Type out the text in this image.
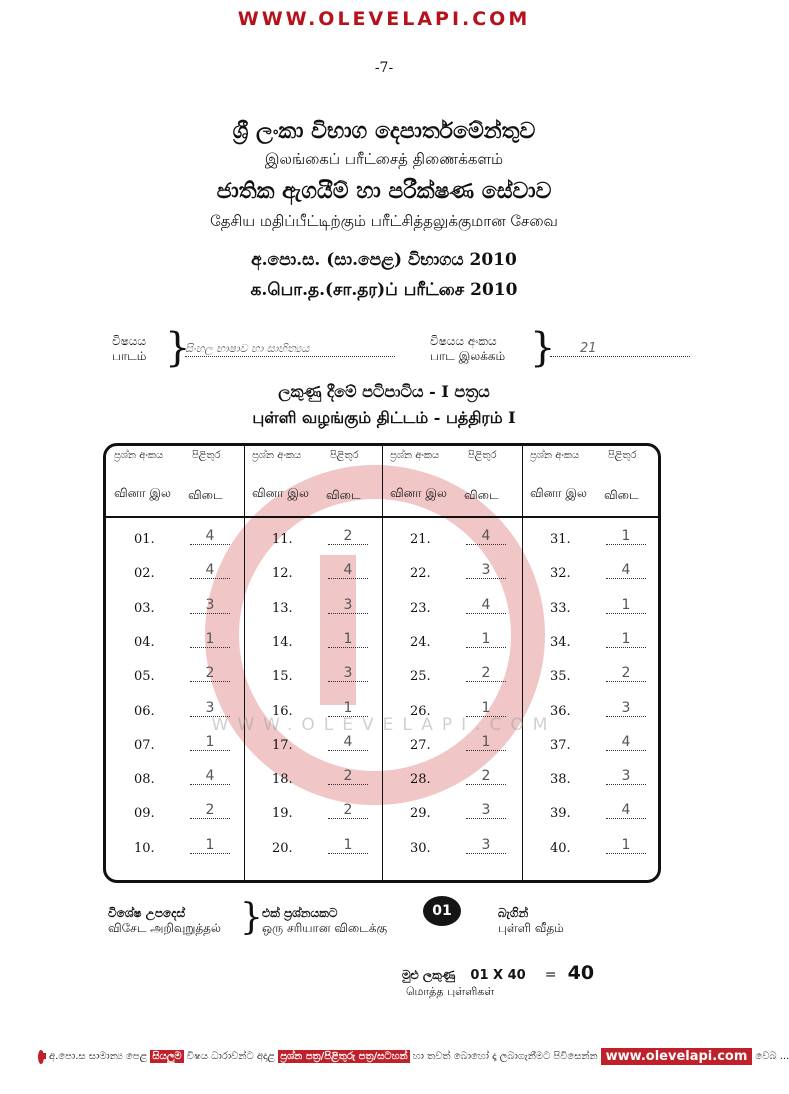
WWW.OLEVELAPI.COM
-7-
ශ්‍රී ලංකා විභාග දෙපාර්තමේන්තුව
இலங்கைப் பரீட்சைத் திணைக்களம்
ජාතික ඇගයීම් හා පරීක්ෂණ සේවාව
தேசிய மதிப்பீட்டிற்கும் பரீட்சித்தலுக்குமான சேவை
අ.පො.ස. (සා.පෙළ) විභාගය 2010
க.பொ.த.(சா.தர)ப் பரீட்சை 2010
විෂයය
பாடம் }
සිංහල භාෂාව හා සාහිත්‍යය
විෂයය අංකය
பாட இலக்கம் }	21
ලකුණු දීමේ පටිපාටිය - I පත්‍රය
புள்ளி வழங்கும் திட்டம் - பத்திரம் I
ප්‍රශ්න අංකය	පිළිතුර
வினா இல விடை
ප්‍රශ්න අංකය	පිළිතුර
வினா இல விடை
ප්‍රශ්න අංකය	පිළිතුර
வினா இல விடை
ප්‍රශ්න අංකය	පිළිතුර
வினா இல விடை
01.	4
02.	4
03.	3
04.	1
05.	2
06.	3
07.	1
08.	4
09.	2
10.	1
11.	2
12.	4
13.	3
14.	1
15.	3
16.	1
17.	4
18.	2
19.	2
20.	1
21.	4
22.	3
23.	4
24.	1
25.	2
26.	1
27.	1
28.	2
29.	3
30.	3
31.	1
32.	4
33.	1
34.	1
35.	2
36.	3
37.	4
38.	3
39.	4
40.	1
WWW.OLEVELAPI.COM
විශේෂ උපදෙස්
விசேட அறிவுறுத்தல் } එක් ප්‍රශ්නයකට
ஒரு சரியான விடைக்கு
01	බැගින්
புள்ளி வீதம்
මුළු ලකුණු 01 X 40 = 40
மொத்த புள்ளிகள்
අ.පො.ස සාමාන්‍ය පෙළ
සියලුම
විෂය ධාරාවන්ට අදාළ
ප්‍රශ්න පත්‍ර/පිළිතුරු පත්‍ර/සටහන්
හා තවත් බොහෝ දෑ ලබාගැනීමට පිවිසෙන්න www.olevelapi.com වෙබ ...
